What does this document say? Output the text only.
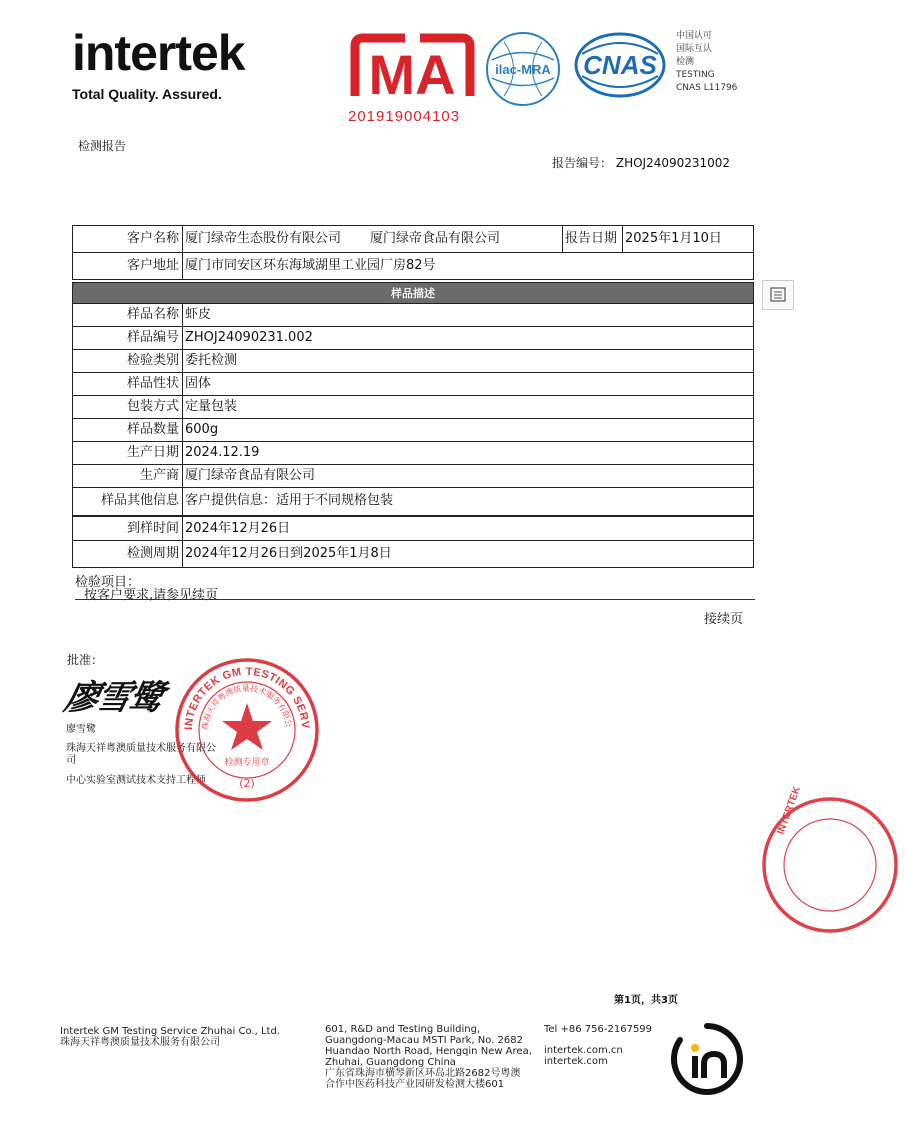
intertek
Total Quality. Assured.	MA
201919004103
ilac-MRA CNAS
中国认可
国际互认
检测
TESTING
CNAS L11796
检测报告
报告编号： ZHOJ24090231002
客户名称 厦门绿帝生态股份有限公司 厦门绿帝食品有限公司	报告日期 2025年1月10日
客户地址 厦门市同安区环东海域湖里工业园厂房82号
样品描述
样品名称 虾皮
样品编号 ZHOJ24090231.002
检验类别 委托检测
样品性状 固体
包装方式 定量包装
样品数量 600g
生产日期 2024.12.19
生产商 厦门绿帝食品有限公司
样品其他信息 客户提供信息：适用于不同规格包装
到样时间 2024年12月26日
检测周期 2024年12月26日到2025年1月8日
检验项目：
按客户要求,请参见续页
接续页
批准：
廖雪鹭
廖雪鹭
珠海天祥粤澳质量技术服务有限公
司
中心实验室测试技术支持工程师
INTERTEK GM TESTING SERV
珠海天祥粤澳质量技术服务有限公
检测专用章
(2)
INTERTEK
第1页，共3页
Intertek GM Testing Service Zhuhai Co., Ltd.
珠海天祥粤澳质量技术服务有限公司
601, R&D and Testing Building,
Guangdong-Macau MSTI Park, No. 2682
Huandao North Road, Hengqin New Area,
Zhuhai, Guangdong China
广东省珠海市横琴新区环岛北路2682号粤澳
合作中医药科技产业园研发检测大楼601
Tel +86 756-2167599
intertek.com.cn
intertek.com
